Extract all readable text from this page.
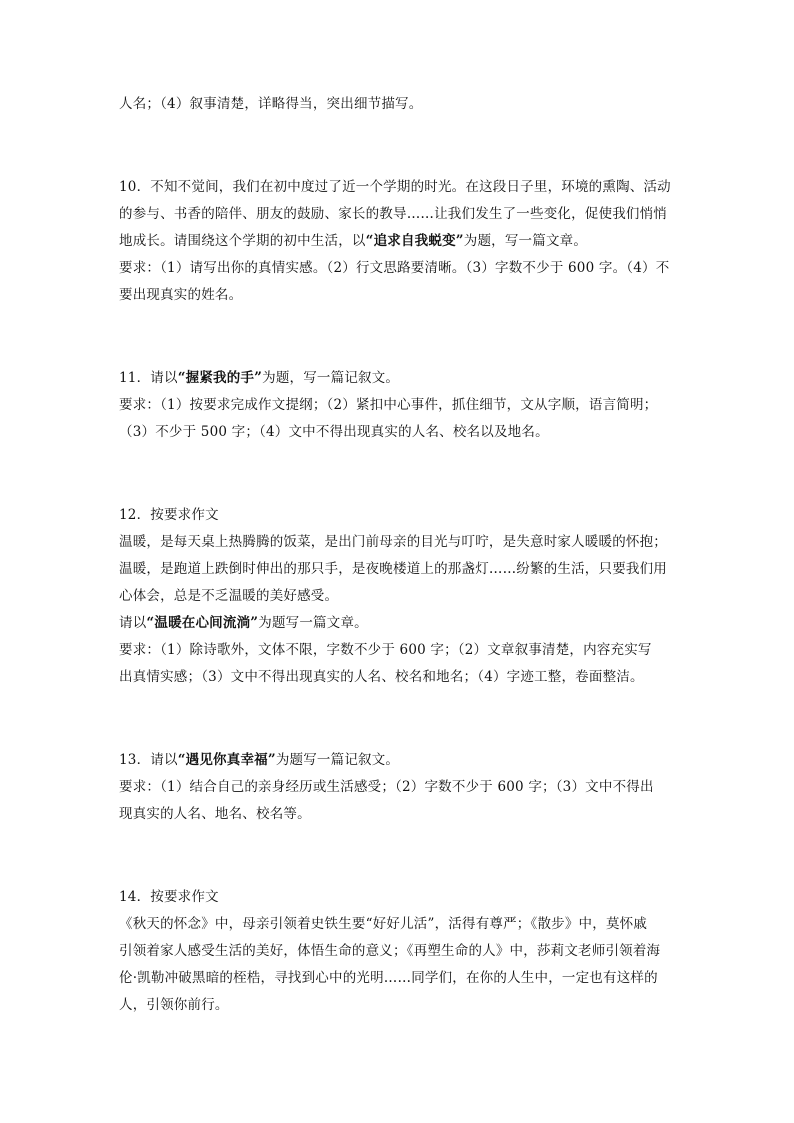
人名；（4）叙事清楚，详略得当，突出细节描写。
10．不知不觉间，我们在初中度过了近一个学期的时光。在这段日子里，环境的熏陶、活动
的参与、书香的陪伴、朋友的鼓励、家长的教导……让我们发生了一些变化，促使我们悄悄
地成长。请围绕这个学期的初中生活，以“追求自我蜕变”为题，写一篇文章。
要求：（1）请写出你的真情实感。（2）行文思路要清晰。（3）字数不少于 600 字。（4）不
要出现真实的姓名。
11．请以“握紧我的手”为题，写一篇记叙文。
要求：（1）按要求完成作文提纲；（2）紧扣中心事件，抓住细节，文从字顺，语言简明；
（3）不少于 500 字；（4）文中不得出现真实的人名、校名以及地名。
12．按要求作文
温暖，是每天桌上热腾腾的饭菜，是出门前母亲的目光与叮咛，是失意时家人暖暖的怀抱；
温暖，是跑道上跌倒时伸出的那只手，是夜晚楼道上的那盏灯……纷繁的生活，只要我们用
心体会，总是不乏温暖的美好感受。
请以“温暖在心间流淌”为题写一篇文章。
要求：（1）除诗歌外，文体不限，字数不少于 600 字；（2）文章叙事清楚，内容充实写
出真情实感；（3）文中不得出现真实的人名、校名和地名；（4）字迹工整，卷面整洁。
13．请以“遇见你真幸福”为题写一篇记叙文。
要求：（1）结合自己的亲身经历或生活感受；（2）字数不少于 600 字；（3）文中不得出
现真实的人名、地名、校名等。
14．按要求作文
《秋天的怀念》中，母亲引领着史铁生要“好好儿活”，活得有尊严；《散步》中，莫怀戚
引领着家人感受生活的美好，体悟生命的意义；《再塑生命的人》中，莎莉文老师引领着海
伦·凯勒冲破黑暗的桎梏，寻找到心中的光明……同学们，在你的人生中，一定也有这样的
人，引领你前行。
